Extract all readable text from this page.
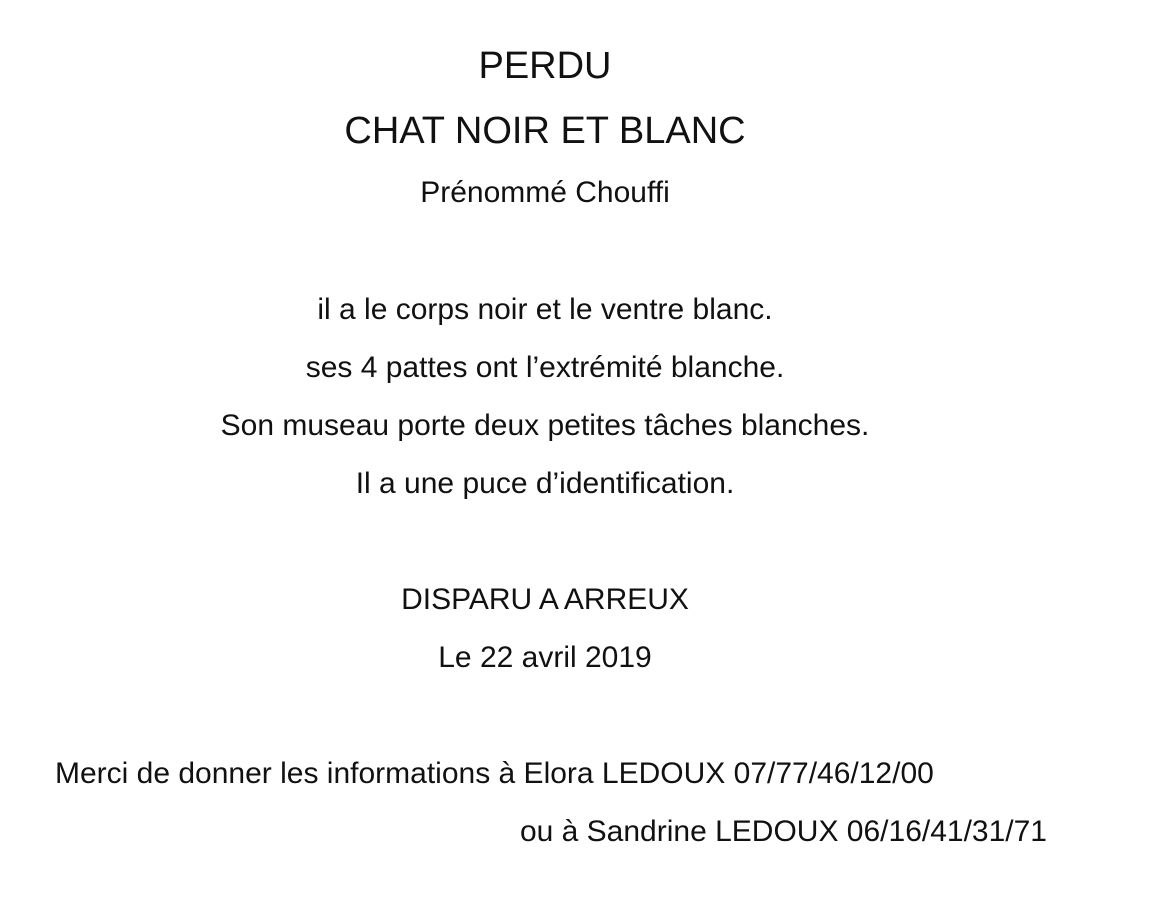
PERDU
CHAT NOIR ET BLANC
Prénommé Chouffi
il a le corps noir et le ventre blanc.
ses 4 pattes ont l’extrémité blanche.
Son museau porte deux petites tâches blanches.
Il a une puce d’identification.
DISPARU A ARREUX
Le 22 avril 2019
Merci de donner les informations à Elora LEDOUX 07/77/46/12/00
ou à Sandrine LEDOUX 06/16/41/31/71
